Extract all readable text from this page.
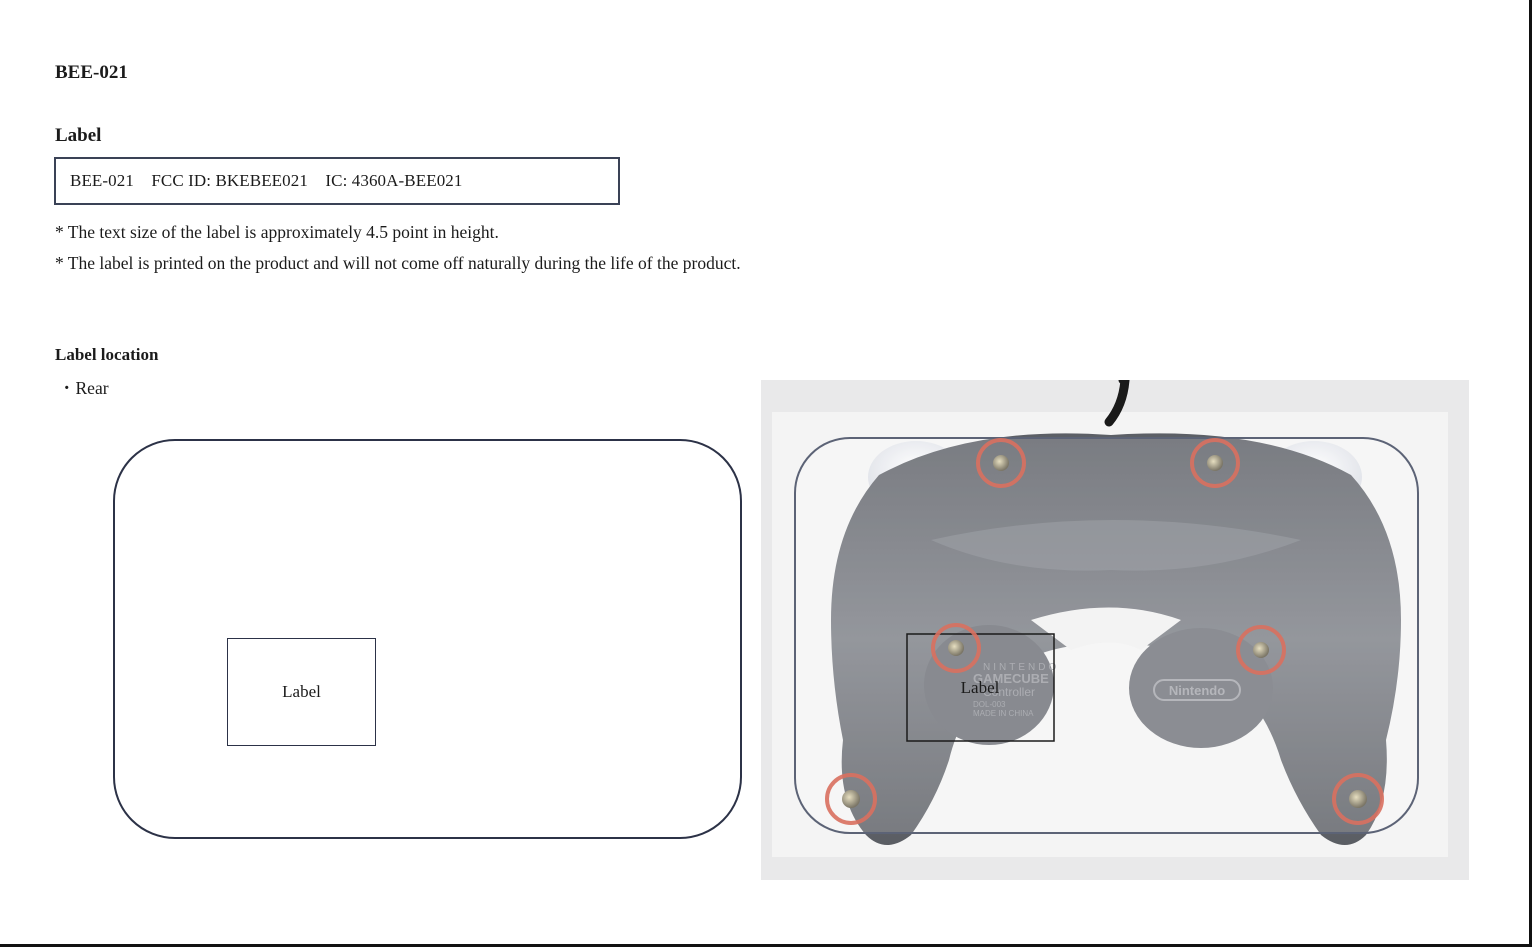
BEE-021
Label
BEE-021    FCC ID: BKEBEE021    IC: 4360A-BEE021
* The text size of the label is approximately 4.5 point in height.
* The label is printed on the product and will not come off naturally during the life of the product.
Label location
・Rear
Label
NINTENDO
GAMECUBE
Controller
DOL-003
MADE IN CHINA
Nintendo
Label
